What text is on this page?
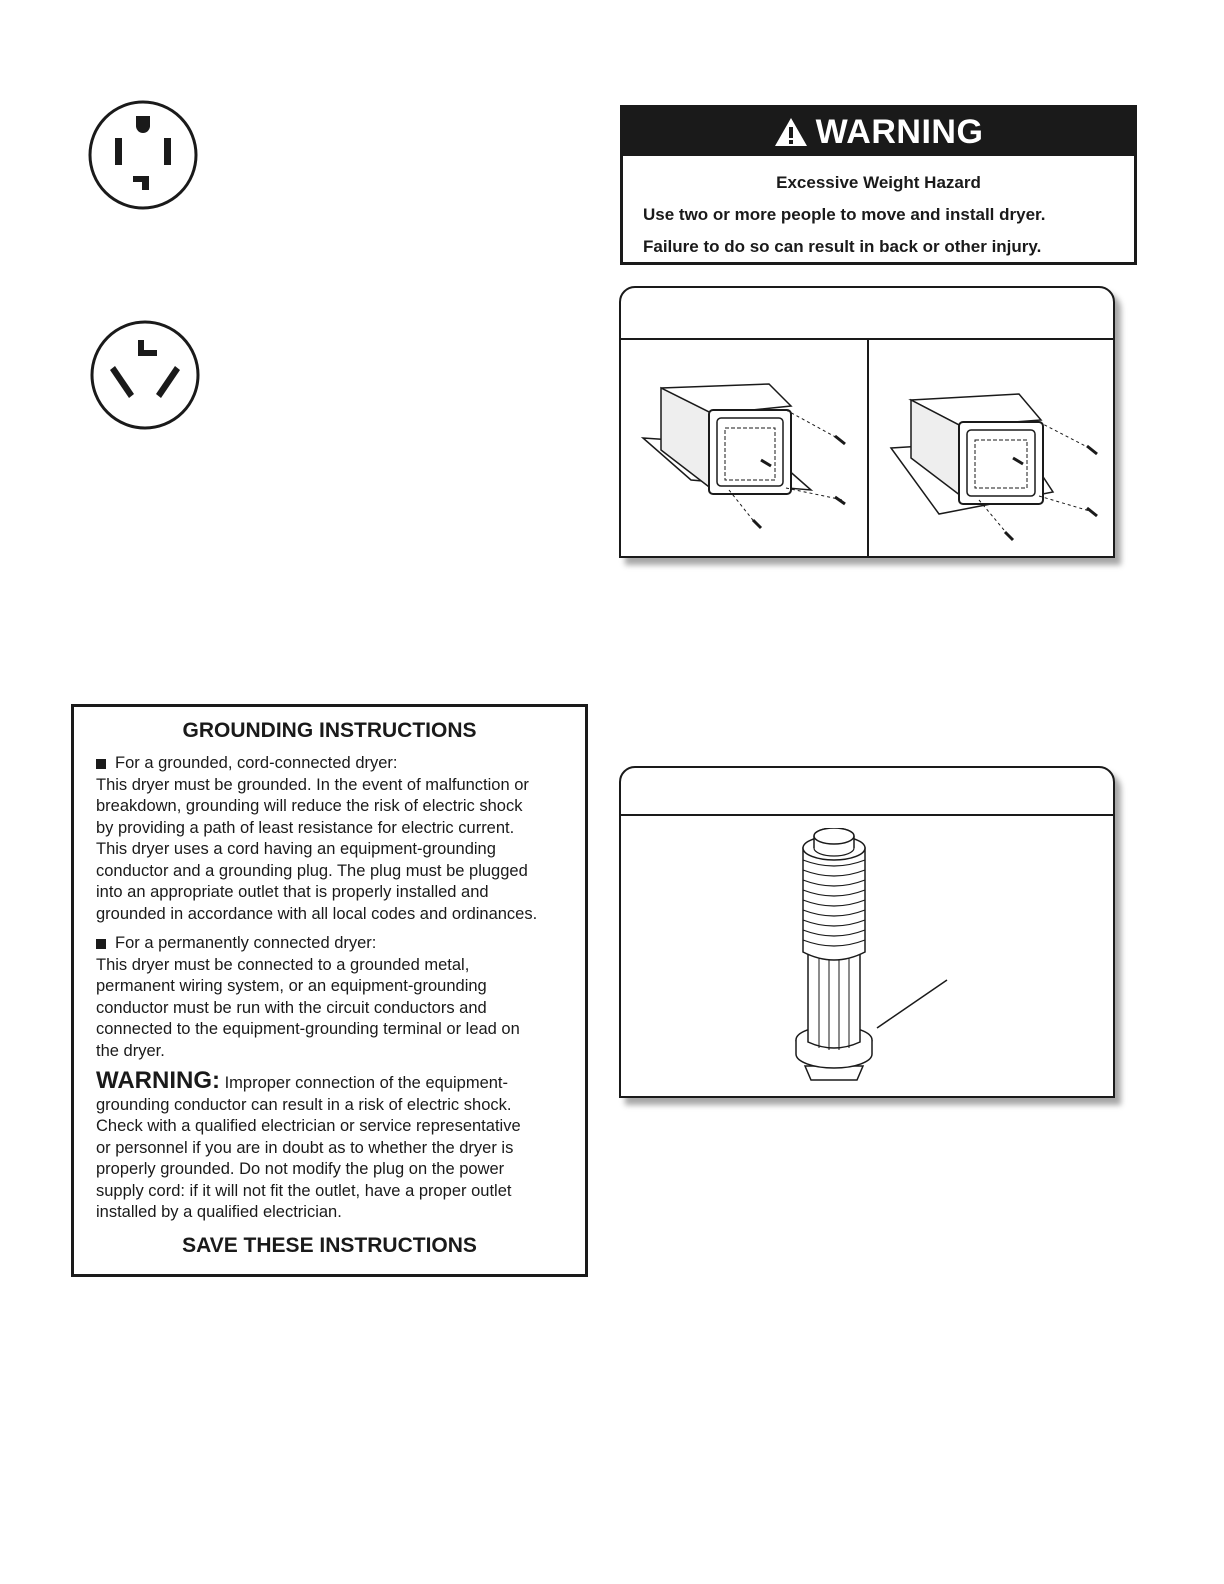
WARNING
Excessive Weight Hazard
Use two or more people to move and install dryer.
Failure to do so can result in back or other injury.
GROUNDING INSTRUCTIONS
For a grounded, cord-connected dryer:

This dryer must be grounded. In the event of malfunction or

breakdown, grounding will reduce the risk of electric shock

by providing a path of least resistance for electric current.

This dryer uses a cord having an equipment-grounding

conductor and a grounding plug. The plug must be plugged

into an appropriate outlet that is properly installed and

grounded in accordance with all local codes and ordinances.

For a permanently connected dryer:

This dryer must be connected to a grounded metal,

permanent wiring system, or an equipment-grounding

conductor must be run with the circuit conductors and

connected to the equipment-grounding terminal or lead on

the dryer.

WARNING: Improper connection of the equipment-

grounding conductor can result in a risk of electric shock.

Check with a qualified electrician or service representative

or personnel if you are in doubt as to whether the dryer is

properly grounded. Do not modify the plug on the power

supply cord: if it will not fit the outlet, have a proper outlet

installed by a qualified electrician.

SAVE THESE INSTRUCTIONS
